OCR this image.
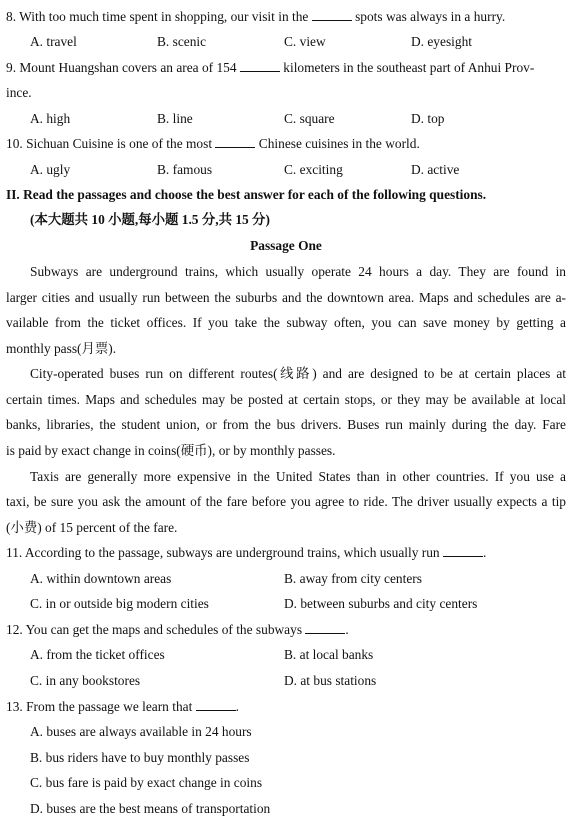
8. With too much time spent in shopping, our visit in the	spots was always in a hurry.
A. travel	B. scenic	C. view	D. eyesight
9. Mount Huangshan covers an area of 154	kilometers in the southeast part of Anhui Prov-
ince.
A. high	B. line	C. square	D. top
10. Sichuan Cuisine is one of the most	Chinese cuisines in the world.
A. ugly	B. famous	C. exciting	D. active
II. Read the passages and choose the best answer for each of the following questions.
(本大题共 10 小题,每小题 1.5 分,共 15 分)
Passage One
Subways are underground trains, which usually operate 24 hours a day. They are found in
larger cities and usually run between the suburbs and the downtown area. Maps and schedules are a-
vailable from the ticket offices. If you take the subway often, you can save money by getting a
monthly pass(月票).
City-operated buses run on different routes(线路) and are designed to be at certain places at
certain times. Maps and schedules may be posted at certain stops, or they may be available at local
banks, libraries, the student union, or from the bus drivers. Buses run mainly during the day. Fare
is paid by exact change in coins(硬币), or by monthly passes.
Taxis are generally more expensive in the United States than in other countries. If you use a
taxi, be sure you ask the amount of the fare before you agree to ride. The driver usually expects a tip
(小费) of 15 percent of the fare.
11. According to the passage, subways are underground trains, which usually run	.
A. within downtown areas	B. away from city centers
C. in or outside big modern cities	D. between suburbs and city centers
12. You can get the maps and schedules of the subways	.
A. from the ticket offices	B. at local banks
C. in any bookstores	D. at bus stations
13. From the passage we learn that	.
A. buses are always available in 24 hours
B. bus riders have to buy monthly passes
C. bus fare is paid by exact change in coins
D. buses are the best means of transportation
